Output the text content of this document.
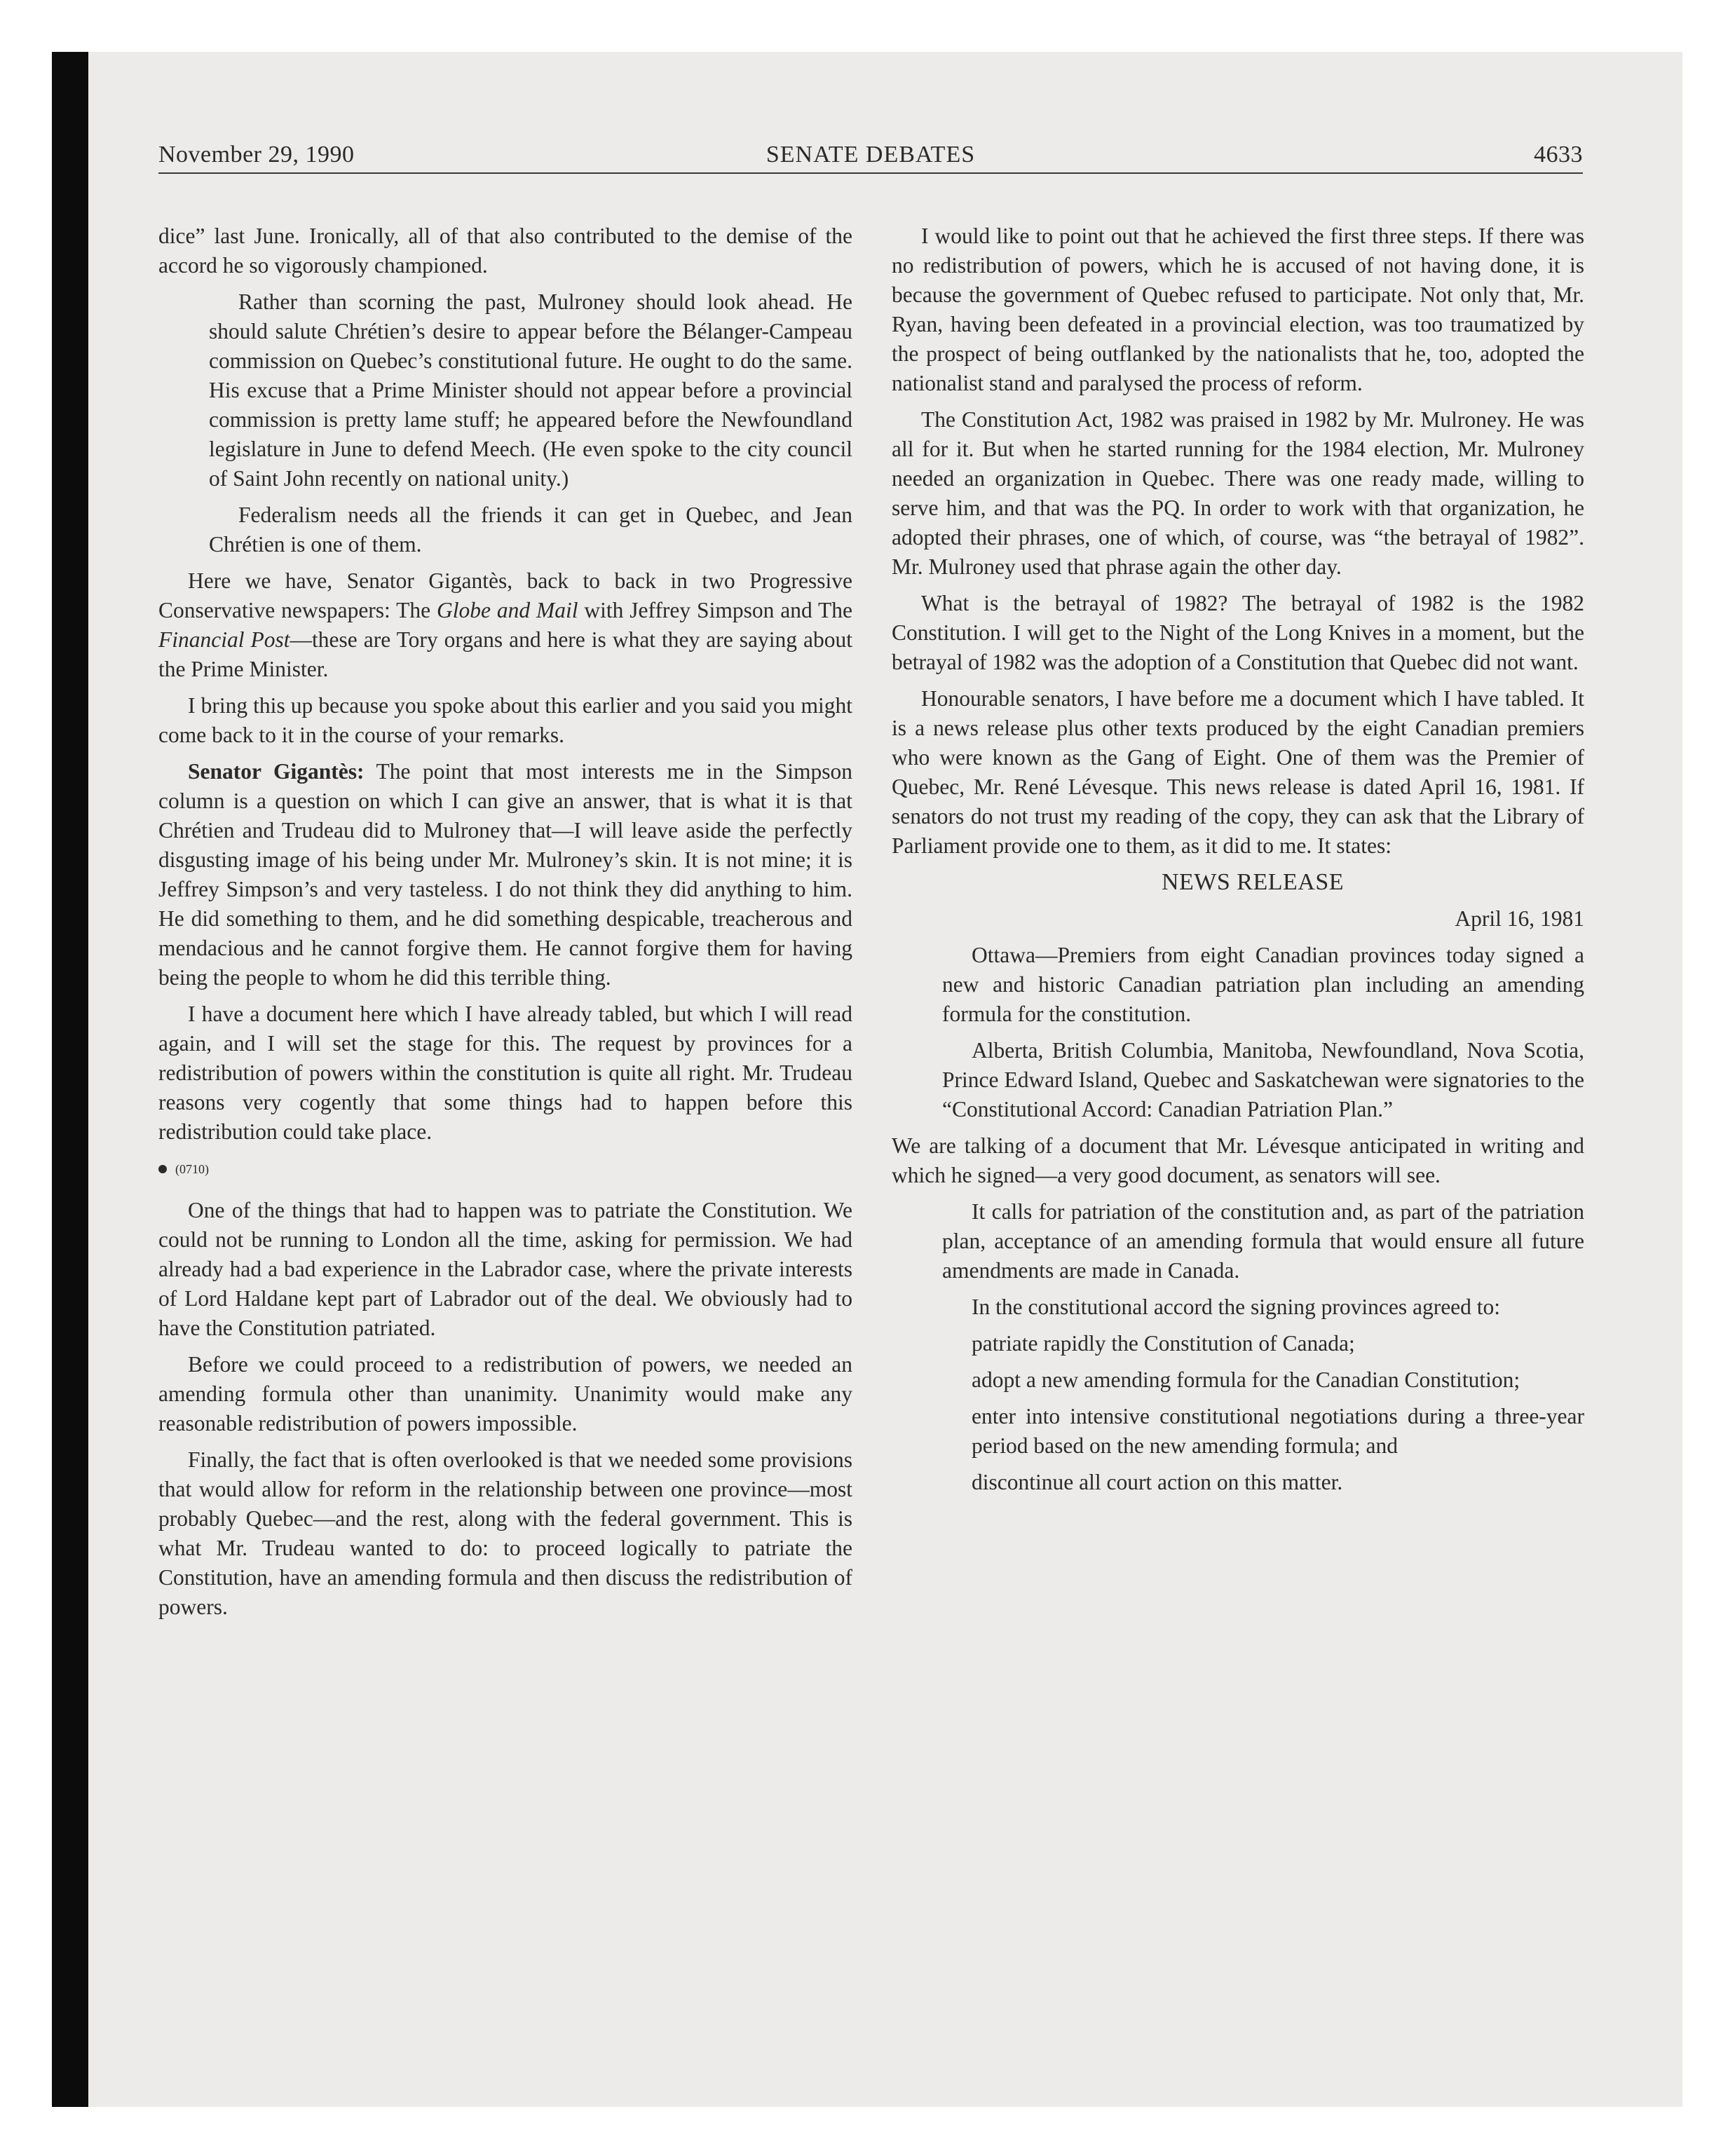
November 29, 1990	SENATE DEBATES	4633

dice” last June. Ironically, all of that also contributed to the demise of the accord he so vigorously championed.

Rather than scorning the past, Mulroney should look ahead. He should salute Chrétien’s desire to appear before the Bélanger-Campeau commission on Quebec’s constitutional future. He ought to do the same. His excuse that a Prime Minister should not appear before a provincial commission is pretty lame stuff; he appeared before the Newfoundland legislature in June to defend Meech. (He even spoke to the city council of Saint John recently on national unity.)

Federalism needs all the friends it can get in Quebec, and Jean Chrétien is one of them.

Here we have, Senator Gigantès, back to back in two Progressive Conservative newspapers: The Globe and Mail with Jeffrey Simpson and The Financial Post—these are Tory organs and here is what they are saying about the Prime Minister.

I bring this up because you spoke about this earlier and you said you might come back to it in the course of your remarks.

Senator Gigantès: The point that most interests me in the Simpson column is a question on which I can give an answer, that is what it is that Chrétien and Trudeau did to Mulroney that—I will leave aside the perfectly disgusting image of his being under Mr. Mulroney’s skin. It is not mine; it is Jeffrey Simpson’s and very tasteless. I do not think they did anything to him. He did something to them, and he did something despicable, treacherous and mendacious and he cannot forgive them. He cannot forgive them for having being the people to whom he did this terrible thing.

I have a document here which I have already tabled, but which I will read again, and I will set the stage for this. The request by provinces for a redistribution of powers within the constitution is quite all right. Mr. Trudeau reasons very cogently that some things had to happen before this redistribution could take place.

(0710)

One of the things that had to happen was to patriate the Constitution. We could not be running to London all the time, asking for permission. We had already had a bad experience in the Labrador case, where the private interests of Lord Haldane kept part of Labrador out of the deal. We obviously had to have the Constitution patriated.

Before we could proceed to a redistribution of powers, we needed an amending formula other than unanimity. Unanimity would make any reasonable redistribution of powers impossible.

Finally, the fact that is often overlooked is that we needed some provisions that would allow for reform in the relationship between one province—most probably Quebec—and the rest, along with the federal government. This is what Mr. Trudeau wanted to do: to proceed logically to patriate the Constitution, have an amending formula and then discuss the redistribution of powers.

I would like to point out that he achieved the first three steps. If there was no redistribution of powers, which he is accused of not having done, it is because the government of Quebec refused to participate. Not only that, Mr. Ryan, having been defeated in a provincial election, was too traumatized by the prospect of being outflanked by the nationalists that he, too, adopted the nationalist stand and paralysed the process of reform.

The Constitution Act, 1982 was praised in 1982 by Mr. Mulroney. He was all for it. But when he started running for the 1984 election, Mr. Mulroney needed an organization in Quebec. There was one ready made, willing to serve him, and that was the PQ. In order to work with that organization, he adopted their phrases, one of which, of course, was “the betrayal of 1982”. Mr. Mulroney used that phrase again the other day.

What is the betrayal of 1982? The betrayal of 1982 is the 1982 Constitution. I will get to the Night of the Long Knives in a moment, but the betrayal of 1982 was the adoption of a Constitution that Quebec did not want.

Honourable senators, I have before me a document which I have tabled. It is a news release plus other texts produced by the eight Canadian premiers who were known as the Gang of Eight. One of them was the Premier of Quebec, Mr. René Lévesque. This news release is dated April 16, 1981. If senators do not trust my reading of the copy, they can ask that the Library of Parliament provide one to them, as it did to me. It states:

NEWS RELEASE

April 16, 1981

Ottawa—Premiers from eight Canadian provinces today signed a new and historic Canadian patriation plan including an amending formula for the constitution.

Alberta, British Columbia, Manitoba, Newfoundland, Nova Scotia, Prince Edward Island, Quebec and Saskatchewan were signatories to the “Constitutional Accord: Canadian Patriation Plan.”

We are talking of a document that Mr. Lévesque anticipated in writing and which he signed—a very good document, as senators will see.

It calls for patriation of the constitution and, as part of the patriation plan, acceptance of an amending formula that would ensure all future amendments are made in Canada.

In the constitutional accord the signing provinces agreed to:

patriate rapidly the Constitution of Canada;

adopt a new amending formula for the Canadian Constitution;

enter into intensive constitutional negotiations during a three-year period based on the new amending formula; and

discontinue all court action on this matter.
